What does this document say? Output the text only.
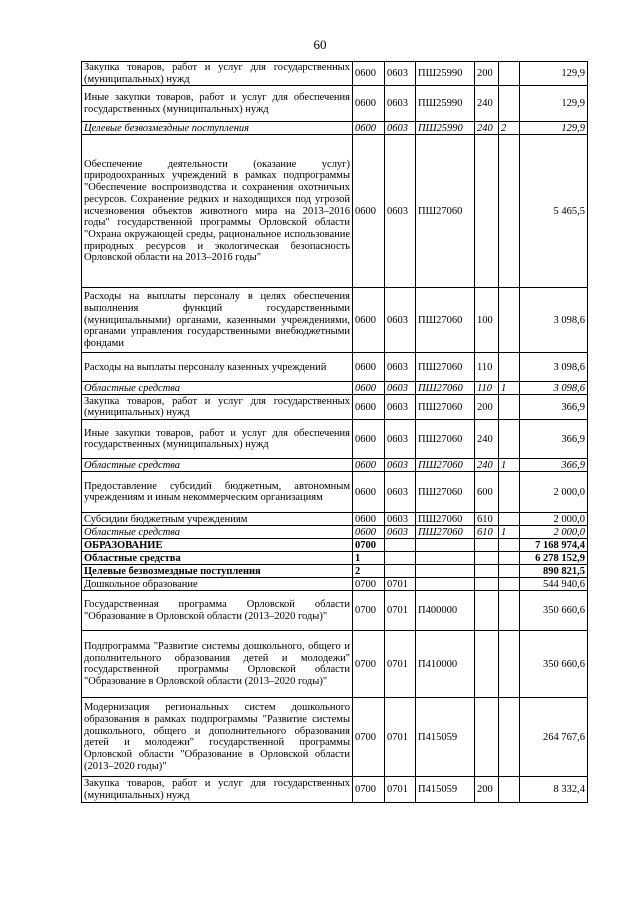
60
Закупка товаров, работ и услуг для государственных (муниципальных) нужд	0600	0603	ПШ25990	200		129,9
Иные закупки товаров, работ и услуг для обеспечения государственных (муниципальных) нужд	0600	0603	ПШ25990	240		129,9
Целевые безвозмездные поступления	0600	0603	ПШ25990	240	2	129,9
Обеспечение деятельности (оказание услуг) природоохранных учреждений в рамках подпрограммы "Обеспечение воспроизводства и сохранения охотничьих ресурсов. Сохранение редких и находящихся под угрозой исчезновения объектов животного мира на 2013–2016 годы" государственной программы Орловской области "Охрана окружающей среды, рациональное использование природных ресурсов и экологическая безопасность Орловской области на 2013–2016 годы"	0600	0603	ПШ27060			5 465,5
Расходы на выплаты персоналу в целях обеспечения выполнения функций государственными (муниципальными) органами, казенными учреждениями, органами управления государственными внебюджетными фондами	0600	0603	ПШ27060	100		3 098,6
Расходы на выплаты персоналу казенных учреждений	0600	0603	ПШ27060	110		3 098,6
Областные средства	0600	0603	ПШ27060	110	1	3 098,6
Закупка товаров, работ и услуг для государственных (муниципальных) нужд	0600	0603	ПШ27060	200		366,9
Иные закупки товаров, работ и услуг для обеспечения государственных (муниципальных) нужд	0600	0603	ПШ27060	240		366,9
Областные средства	0600	0603	ПШ27060	240	1	366,9
Предоставление субсидий бюджетным, автономным учреждениям и иным некоммерческим организациям	0600	0603	ПШ27060	600		2 000,0
Субсидии бюджетным учреждениям	0600	0603	ПШ27060	610		2 000,0
Областные средства	0600	0603	ПШ27060	610	1	2 000,0
ОБРАЗОВАНИЕ	0700					7 168 974,4
Областные средства	1					6 278 152,9
Целевые безвозмездные поступления	2					890 821,5
Дошкольное образование	0700	0701				544 940,6
Государственная программа Орловской области "Образование в Орловской области (2013–2020 годы)"	0700	0701	П400000			350 660,6
Подпрограмма "Развитие системы дошкольного, общего и дополнительного образования детей и молодежи" государственной программы Орловской области "Образование в Орловской области (2013–2020 годы)"	0700	0701	П410000			350 660,6
Модернизация региональных систем дошкольного образования в рамках подпрограммы "Развитие системы дошкольного, общего и дополнительного образования детей и молодежи" государственной программы Орловской области "Образование в Орловской области (2013–2020 годы)"	0700	0701	П415059			264 767,6
Закупка товаров, работ и услуг для государственных (муниципальных) нужд	0700	0701	П415059	200		8 332,4
